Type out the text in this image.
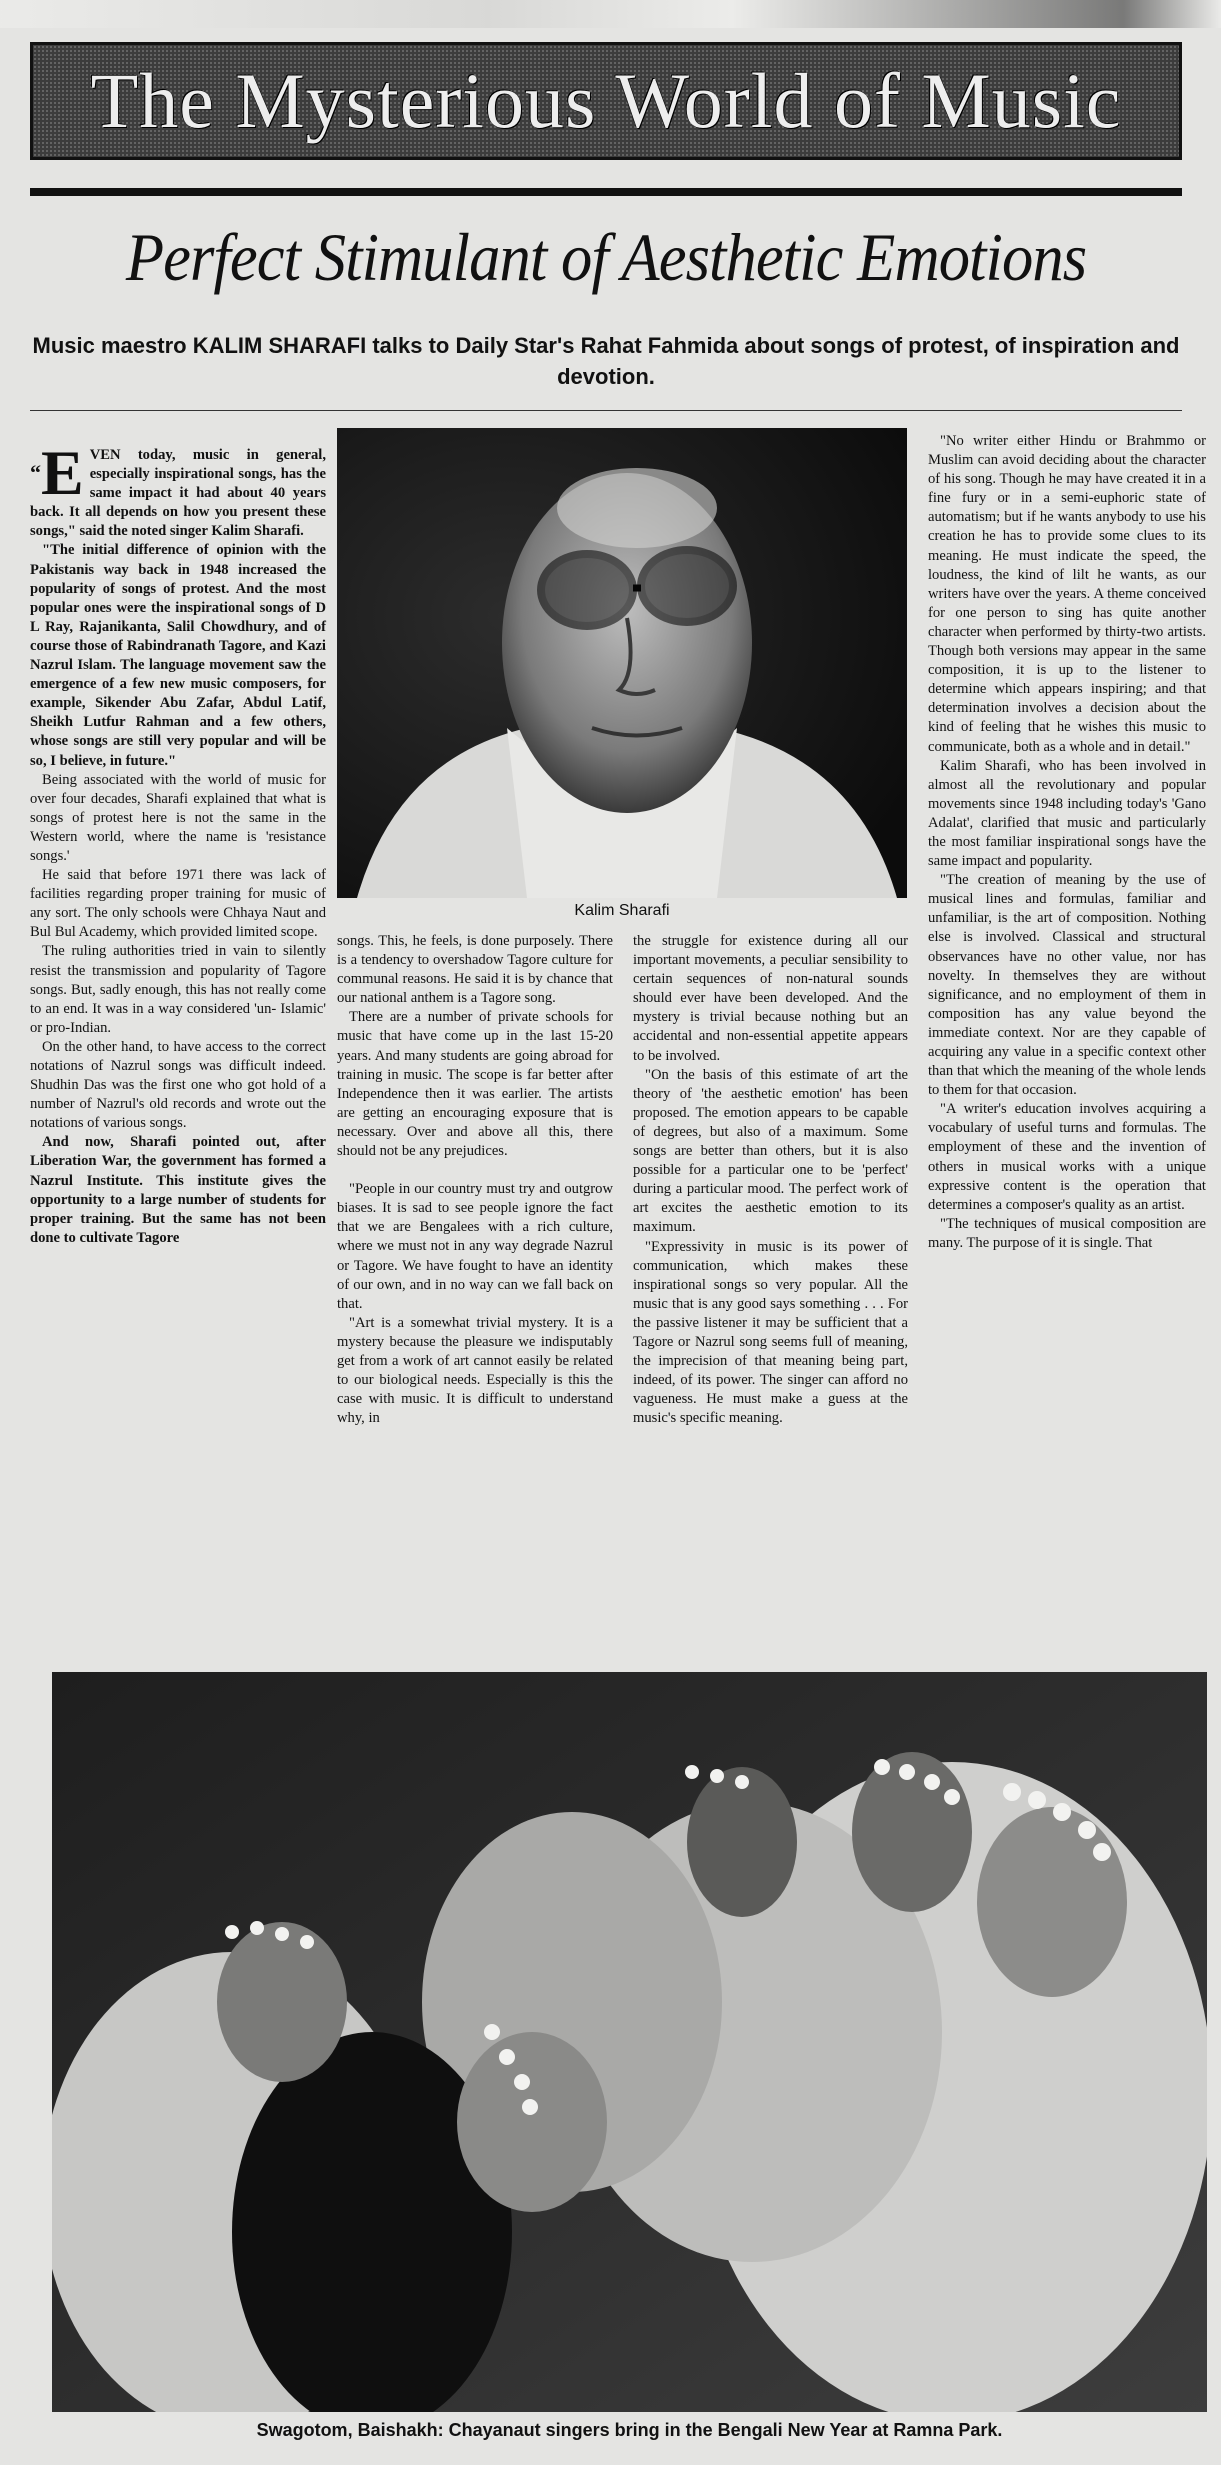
The Mysterious World of Music
Perfect Stimulant of Aesthetic Emotions
Music maestro KALIM SHARAFI talks to Daily Star's Rahat Fahmida about songs of protest, of inspiration and devotion.
“E VEN today, music in general, especially inspirational songs, has the same impact it had about 40 years back. It all depends on how you present these songs," said the noted singer Kalim Sharafi.

"The initial difference of opinion with the Pakistanis way back in 1948 increased the popularity of songs of protest. And the most popular ones were the inspirational songs of D L Ray, Rajanikanta, Salil Chowdhury, and of course those of Rabindranath Tagore, and Kazi Nazrul Islam. The language movement saw the emergence of a few new music composers, for example, Sikender Abu Zafar, Abdul Latif, Sheikh Lutfur Rahman and a few others, whose songs are still very popular and will be so, I believe, in future."

Being associated with the world of music for over four decades, Sharafi explained that what is songs of protest here is not the same in the Western world, where the name is 'resistance songs.'

He said that before 1971 there was lack of facilities regarding proper training for music of any sort. The only schools were Chhaya Naut and Bul Bul Academy, which provided limited scope.

The ruling authorities tried in vain to silently resist the transmission and popularity of Tagore songs. But, sadly enough, this has not really come to an end. It was in a way considered 'un- Islamic' or pro-Indian.

On the other hand, to have access to the correct notations of Nazrul songs was difficult indeed. Shudhin Das was the first one who got hold of a number of Nazrul's old records and wrote out the notations of various songs.

And now, Sharafi pointed out, after Liberation War, the government has formed a Nazrul Institute. This institute gives the opportunity to a large number of students for proper training. But the same has not been done to cultivate Tagore

Kalim Sharafi

songs. This, he feels, is done purposely. There is a tendency to overshadow Tagore culture for communal reasons. He said it is by chance that our national anthem is a Tagore song.

There are a number of private schools for music that have come up in the last 15-20 years. And many students are going abroad for training in music. The scope is far better after Independence then it was earlier. The artists are getting an encouraging exposure that is necessary. Over and above all this, there should not be any prejudices.

"People in our country must try and outgrow biases. It is sad to see people ignore the fact that we are Bengalees with a rich culture, where we must not in any way degrade Nazrul or Tagore. We have fought to have an identity of our own, and in no way can we fall back on that.

"Art is a somewhat trivial mystery. It is a mystery because the pleasure we indisputably get from a work of art cannot easily be related to our biological needs. Especially is this the case with music. It is difficult to understand why, in

the struggle for existence during all our important movements, a peculiar sensibility to certain sequences of non-natural sounds should ever have been developed. And the mystery is trivial because nothing but an accidental and non-essential appetite appears to be involved.

"On the basis of this estimate of art the theory of 'the aesthetic emotion' has been proposed. The emotion appears to be capable of degrees, but also of a maximum. Some songs are better than others, but it is also possible for a particular one to be 'perfect' during a particular mood. The perfect work of art excites the aesthetic emotion to its maximum.

"Expressivity in music is its power of communication, which makes these inspirational songs so very popular. All the music that is any good says something . . . For the passive listener it may be sufficient that a Tagore or Nazrul song seems full of meaning, the imprecision of that meaning being part, indeed, of its power. The singer can afford no vagueness. He must make a guess at the music's specific meaning.

"No writer either Hindu or Brahmmo or Muslim can avoid deciding about the character of his song. Though he may have created it in a fine fury or in a semi-euphoric state of automatism; but if he wants anybody to use his creation he has to provide some clues to its meaning. He must indicate the speed, the loudness, the kind of lilt he wants, as our writers have over the years. A theme conceived for one person to sing has quite another character when performed by thirty-two artists. Though both versions may appear in the same composition, it is up to the listener to determine which appears inspiring; and that determination involves a decision about the kind of feeling that he wishes this music to communicate, both as a whole and in detail."

Kalim Sharafi, who has been involved in almost all the revolutionary and popular movements since 1948 including today's 'Gano Adalat', clarified that music and particularly the most familiar inspirational songs have the same impact and popularity.

"The creation of meaning by the use of musical lines and formulas, familiar and unfamiliar, is the art of composition. Nothing else is involved. Classical and structural observances have no other value, nor has novelty. In themselves they are without significance, and no employment of them in composition has any value beyond the immediate context. Nor are they capable of acquiring any value in a specific context other than that which the meaning of the whole lends to them for that occasion.

"A writer's education involves acquiring a vocabulary of useful turns and formulas. The employment of these and the invention of others in musical works with a unique expressive content is the operation that determines a composer's quality as an artist.

"The techniques of musical composition are many. The purpose of it is single. That

Swagotom, Baishakh: Chayanaut singers bring in the Bengali New Year at Ramna Park.
